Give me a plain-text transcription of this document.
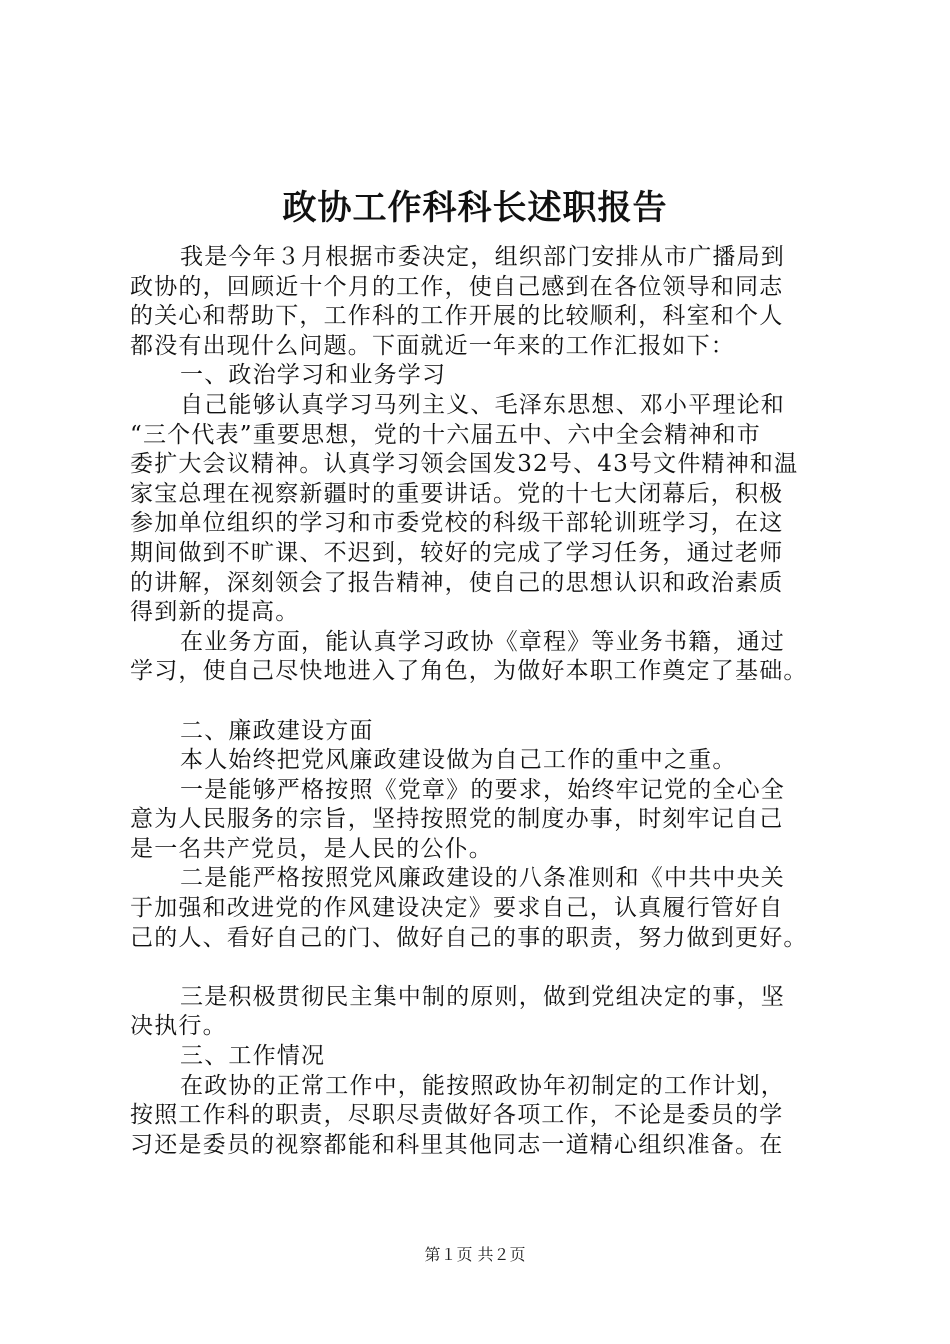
政协工作科科长述职报告
我是今年３月根据市委决定，组织部门安排从市广播局到
政协的，回顾近十个月的工作，使自己感到在各位领导和同志
的关心和帮助下，工作科的工作开展的比较顺利，科室和个人
都没有出现什么问题。下面就近一年来的工作汇报如下：
一、政治学习和业务学习
自己能够认真学习马列主义、毛泽东思想、邓小平理论和
“三个代表”重要思想，党的十六届五中、六中全会精神和市
委扩大会议精神。认真学习领会国发32号、43号文件精神和温
家宝总理在视察新疆时的重要讲话。党的十七大闭幕后，积极
参加单位组织的学习和市委党校的科级干部轮训班学习，在这
期间做到不旷课、不迟到，较好的完成了学习任务，通过老师
的讲解，深刻领会了报告精神，使自己的思想认识和政治素质
得到新的提高。
在业务方面，能认真学习政协《章程》等业务书籍，通过
学习，使自己尽快地进入了角色，为做好本职工作奠定了基础。
二、廉政建设方面
本人始终把党风廉政建设做为自己工作的重中之重。
一是能够严格按照《党章》的要求，始终牢记党的全心全
意为人民服务的宗旨，坚持按照党的制度办事，时刻牢记自己
是一名共产党员，是人民的公仆。
二是能严格按照党风廉政建设的八条准则和《中共中央关
于加强和改进党的作风建设决定》要求自己，认真履行管好自
己的人、看好自己的门、做好自己的事的职责，努力做到更好。
三是积极贯彻民主集中制的原则，做到党组决定的事，坚
决执行。
三、工作情况
在政协的正常工作中，能按照政协年初制定的工作计划，
按照工作科的职责，尽职尽责做好各项工作，不论是委员的学
习还是委员的视察都能和科里其他同志一道精心组织准备。在
第１页 共２页
